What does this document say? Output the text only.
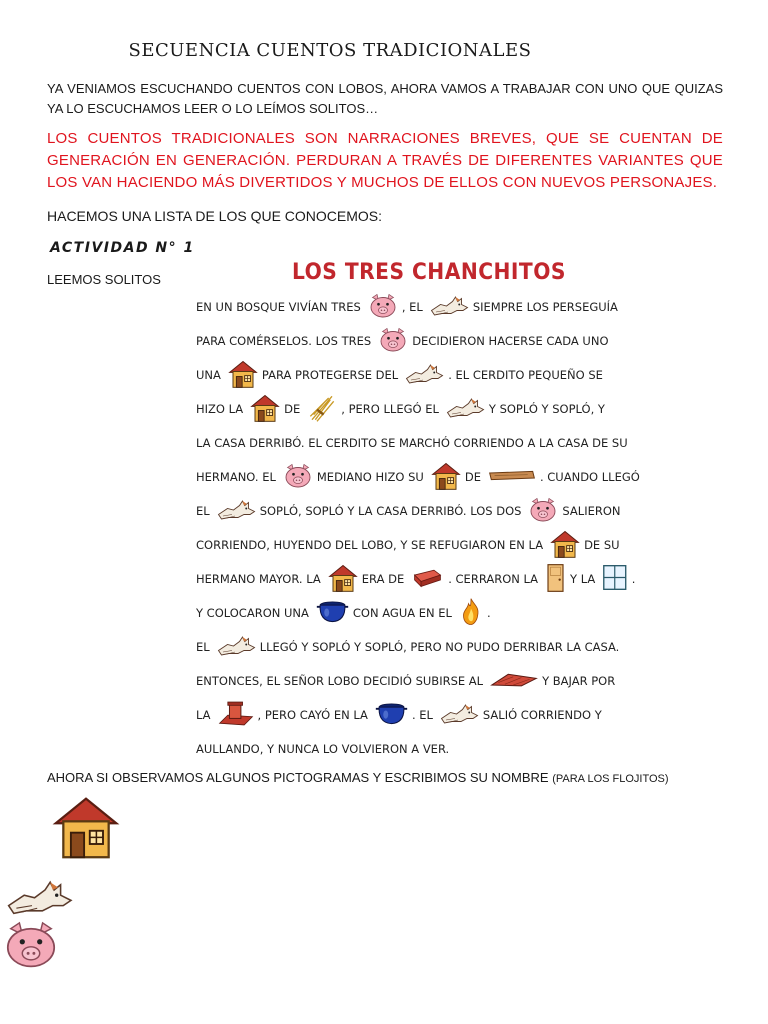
SECUENCIA CUENTOS TRADICIONALES
YA VENIAMOS ESCUCHANDO CUENTOS CON LOBOS, AHORA VAMOS A TRABAJAR CON UNO QUE QUIZAS YA LO ESCUCHAMOS LEER O LO LEÍMOS SOLITOS…
LOS CUENTOS TRADICIONALES SON NARRACIONES BREVES, QUE SE CUENTAN DE GENERACIÓN EN GENERACIÓN. PERDURAN A TRAVÉS DE DIFERENTES VARIANTES QUE LOS VAN HACIENDO MÁS DIVERTIDOS Y MUCHOS DE ELLOS CON NUEVOS PERSONAJES.
HACEMOS UNA LISTA DE LOS QUE CONOCEMOS:
ACTIVIDAD N° 1
LEEMOS SOLITOS	LOS TRES CHANCHITOS
EN UN BOSQUE VIVÍAN TRES	, EL	SIEMPRE LOS PERSEGUÍA
PARA COMÉRSELOS. LOS TRES	DECIDIERON HACERSE CADA UNO
UNA	PARA PROTEGERSE DEL	. EL CERDITO PEQUEÑO SE
HIZO LA	DE	, PERO LLEGÓ EL	Y SOPLÓ Y SOPLÓ, Y
LA CASA DERRIBÓ. EL CERDITO SE MARCHÓ CORRIENDO A LA CASA DE SU
HERMANO. EL	MEDIANO HIZO SU	DE	. CUANDO LLEGÓ
EL	SOPLÓ, SOPLÓ Y LA CASA DERRIBÓ. LOS DOS	SALIERON
CORRIENDO, HUYENDO DEL LOBO, Y SE REFUGIARON EN LA	DE SU
HERMANO MAYOR. LA	ERA DE	. CERRARON LA	Y LA	.
Y COLOCARON UNA	CON AGUA EN EL	.
EL	LLEGÓ Y SOPLÓ Y SOPLÓ, PERO NO PUDO DERRIBAR LA CASA.
ENTONCES, EL SEÑOR LOBO DECIDIÓ SUBIRSE AL	Y BAJAR POR
LA	, PERO CAYÓ EN LA	. EL	SALIÓ CORRIENDO Y
AULLANDO, Y NUNCA LO VOLVIERON A VER.
AHORA SI OBSERVAMOS ALGUNOS PICTOGRAMAS Y ESCRIBIMOS SU NOMBRE (PARA LOS FLOJITOS)
